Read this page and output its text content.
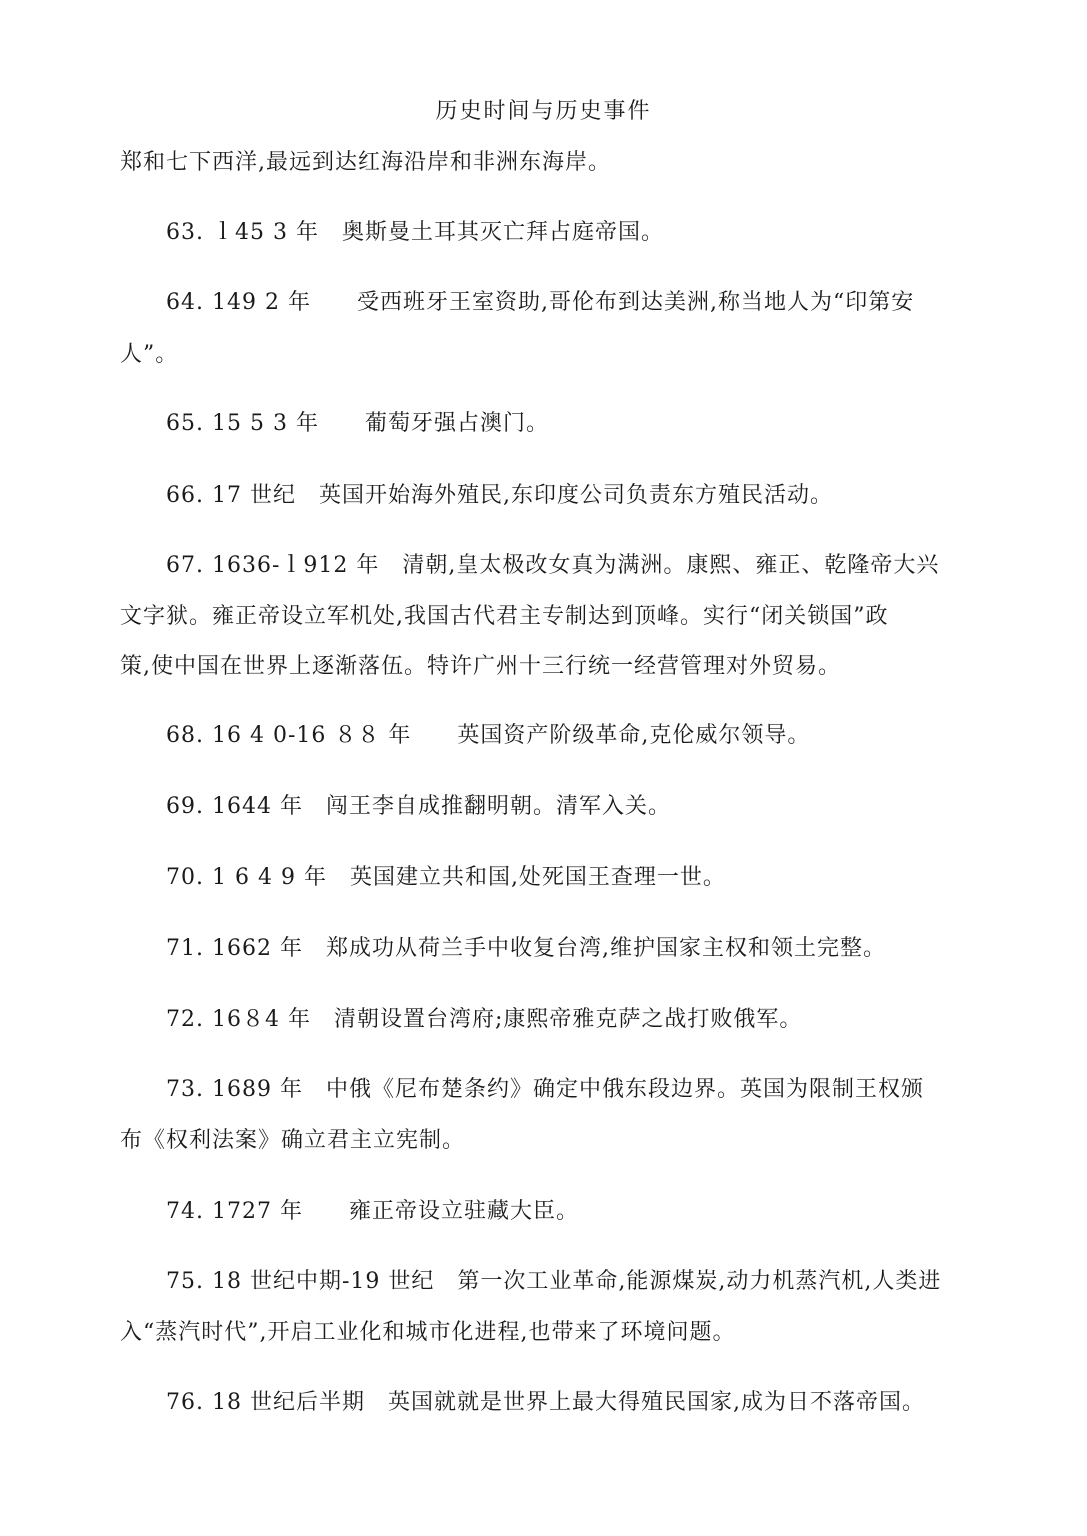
历史时间与历史事件
郑和七下西洋,最远到达红海沿岸和非洲东海岸。
63. ｌ45 3 年　奥斯曼土耳其灭亡拜占庭帝国。
64. 149 2 年　　受西班牙王室资助,哥伦布到达美洲,称当地人为“印第安
人”。
65. 15 5 3 年　　葡萄牙强占澳门。
66. 17 世纪　英国开始海外殖民,东印度公司负责东方殖民活动。
67. 1636-ｌ912 年　清朝,皇太极改女真为满洲。康熙、雍正、乾隆帝大兴
文字狱。雍正帝设立军机处,我国古代君主专制达到顶峰。实行“闭关锁国”政
策,使中国在世界上逐渐落伍。特许广州十三行统一经营管理对外贸易。
68. 16 4 0-16 ８８ 年　　英国资产阶级革命,克伦威尔领导。
69. 1644 年　闯王李自成推翻明朝。清军入关。
70. 1 6 4 9 年　英国建立共和国,处死国王查理一世。
71. 1662 年　郑成功从荷兰手中收复台湾,维护国家主权和领土完整。
72. 16８4 年　清朝设置台湾府;康熙帝雅克萨之战打败俄军。
73. 1689 年　中俄《尼布楚条约》确定中俄东段边界。英国为限制王权颁
布《权利法案》确立君主立宪制。
74. 1727 年　　雍正帝设立驻藏大臣。
75. 18 世纪中期-19 世纪　第一次工业革命,能源煤炭,动力机蒸汽机,人类进
入“蒸汽时代”,开启工业化和城市化进程,也带来了环境问题。
76. 18 世纪后半期　英国就就是世界上最大得殖民国家,成为日不落帝国。
